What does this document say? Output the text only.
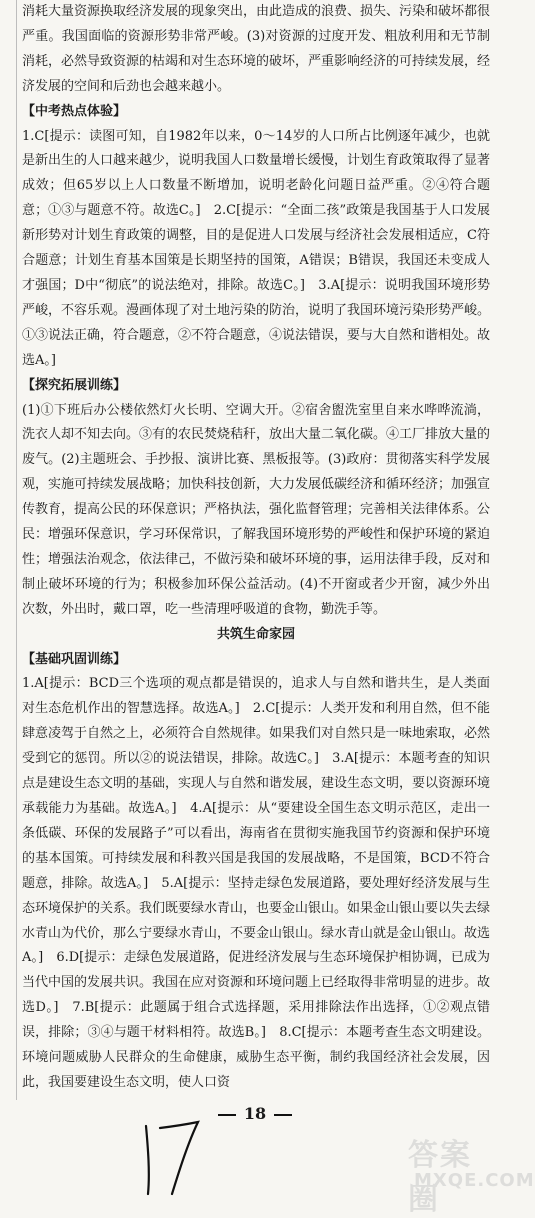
消耗大量资源换取经济发展的现象突出，由此造成的浪费、损失、污染和破坏都很严重。我国面临的资源形势非常严峻。(3)对资源的过度开发、粗放利用和无节制消耗，必然导致资源的枯竭和对生态环境的破坏，严重影响经济的可持续发展，经济发展的空间和后劲也会越来越小。

【中考热点体验】

1.C[提示：读图可知，自1982年以来，0～14岁的人口所占比例逐年减少，也就是新出生的人口越来越少，说明我国人口数量增长缓慢，计划生育政策取得了显著成效；但65岁以上人口数量不断增加，说明老龄化问题日益严重。②④符合题意；①③与题意不符。故选C。]　2.C[提示：“全面二孩”政策是我国基于人口发展新形势对计划生育政策的调整，目的是促进人口发展与经济社会发展相适应，C符合题意；计划生育基本国策是长期坚持的国策，A错误；B错误，我国还未变成人才强国；D中“彻底”的说法绝对，排除。故选C。]　3.A[提示：说明我国环境形势严峻，不容乐观。漫画体现了对土地污染的防治，说明了我国环境污染形势严峻。①③说法正确，符合题意，②不符合题意，④说法错误，要与大自然和谐相处。故选A。]

【探究拓展训练】

(1)①下班后办公楼依然灯火长明、空调大开。②宿舍盥洗室里自来水哗哗流淌，洗衣人却不知去向。③有的农民焚烧秸秆，放出大量二氧化碳。④工厂排放大量的废气。(2)主题班会、手抄报、演讲比赛、黑板报等。(3)政府：贯彻落实科学发展观，实施可持续发展战略；加快科技创新，大力发展低碳经济和循环经济；加强宣传教育，提高公民的环保意识；严格执法，强化监督管理；完善相关法律体系。公民：增强环保意识，学习环保常识，了解我国环境形势的严峻性和保护环境的紧迫性；增强法治观念，依法律己，不做污染和破坏环境的事，运用法律手段，反对和制止破坏环境的行为；积极参加环保公益活动。(4)不开窗或者少开窗，减少外出次数，外出时，戴口罩，吃一些清理呼吸道的食物，勤洗手等。

共筑生命家园

【基础巩固训练】

1.A[提示：BCD三个选项的观点都是错误的，追求人与自然和谐共生，是人类面对生态危机作出的智慧选择。故选A。]　2.C[提示：人类开发和利用自然，但不能肆意凌驾于自然之上，必须符合自然规律。如果我们对自然只是一味地索取，必然受到它的惩罚。所以②的说法错误，排除。故选C。]　3.A[提示：本题考查的知识点是建设生态文明的基础，实现人与自然和谐发展，建设生态文明，要以资源环境承载能力为基础。故选A。]　4.A[提示：从“要建设全国生态文明示范区，走出一条低碳、环保的发展路子”可以看出，海南省在贯彻实施我国节约资源和保护环境的基本国策。可持续发展和科教兴国是我国的发展战略，不是国策，BCD不符合题意，排除。故选A。]　5.A[提示：坚持走绿色发展道路，要处理好经济发展与生态环境保护的关系。我们既要绿水青山，也要金山银山。如果金山银山要以失去绿水青山为代价，那么宁要绿水青山，不要金山银山。绿水青山就是金山银山。故选A。]　6.D[提示：走绿色发展道路，促进经济发展与生态环境保护相协调，已成为当代中国的发展共识。我国在应对资源和环境问题上已经取得非常明显的进步。故选D。]　7.B[提示：此题属于组合式选择题，采用排除法作出选择，①②观点错误，排除；③④与题干材料相符。故选B。]　8.C[提示：本题考查生态文明建设。环境问题威胁人民群众的生命健康，威胁生态平衡，制约我国经济社会发展，因此，我国要建设生态文明，使人口资

18
答案圈
MXQE.COM
